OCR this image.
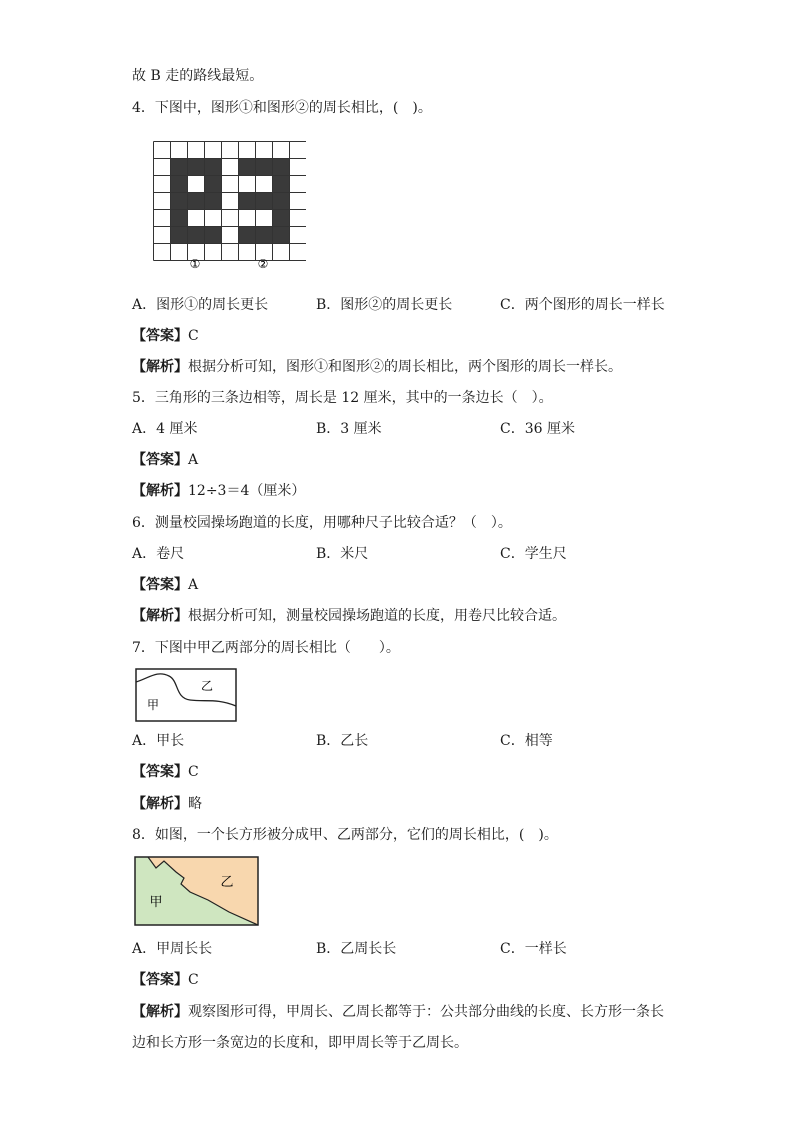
故 B 走的路线最短。
4．下图中，图形①和图形②的周长相比，(　)。
①	②
A．图形①的周长更长	B．图形②的周长更长	C．两个图形的周长一样长
【答案】C
【解析】根据分析可知，图形①和图形②的周长相比，两个图形的周长一样长。
5．三角形的三条边相等，周长是 12 厘米，其中的一条边长（　）。
A．4 厘米	B．3 厘米	C．36 厘米
【答案】A
【解析】12÷3＝4（厘米）
6．测量校园操场跑道的长度，用哪种尺子比较合适？（　）。
A．卷尺	B．米尺	C．学生尺
【答案】A
【解析】根据分析可知，测量校园操场跑道的长度，用卷尺比较合适。
7．下图中甲乙两部分的周长相比（　　）。
甲
乙
A．甲长	B．乙长	C．相等
【答案】C
【解析】略
8．如图，一个长方形被分成甲、乙两部分，它们的周长相比，(　)。
甲
乙
A．甲周长长	B．乙周长长	C．一样长
【答案】C
【解析】观察图形可得，甲周长、乙周长都等于：公共部分曲线的长度、长方形一条长
边和长方形一条宽边的长度和，即甲周长等于乙周长。
